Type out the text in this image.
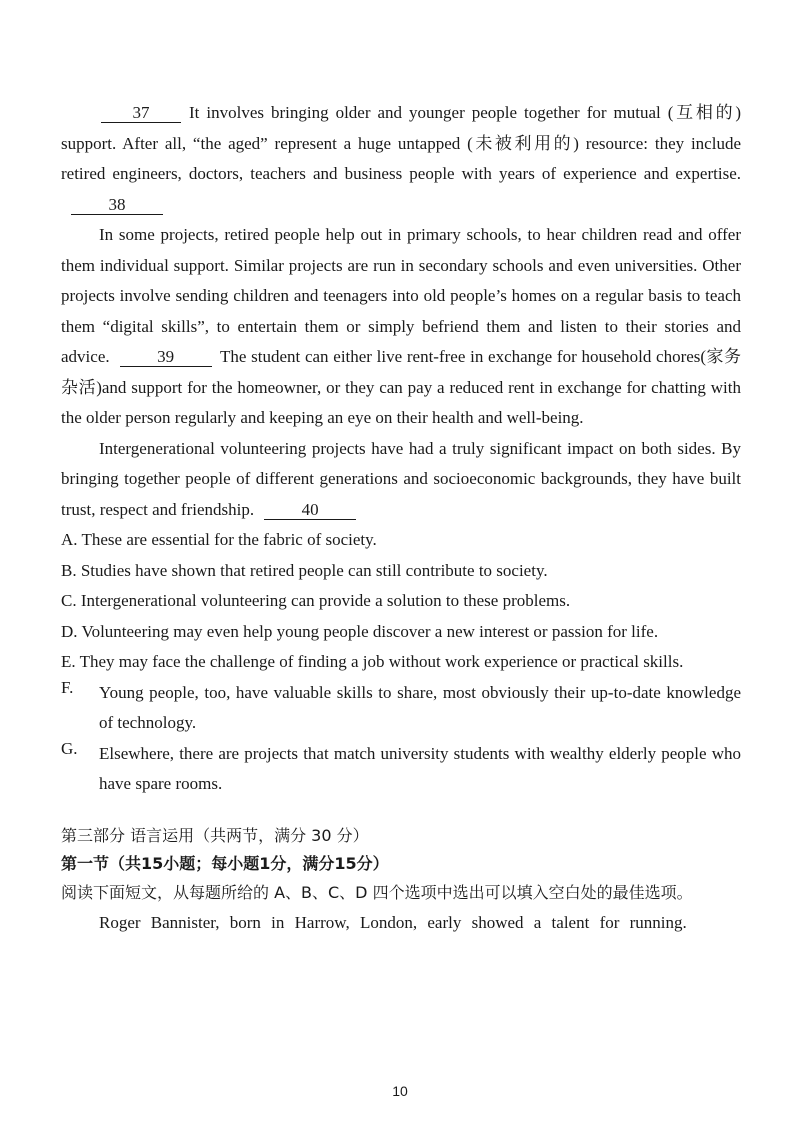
37 It involves bringing older and younger people together for mutual (互相的) support. After all, “the aged” represent a huge untapped (未被利用的) resource: they include retired engineers, doctors, teachers and business people with years of experience and expertise.38

In some projects, retired people help out in primary schools, to hear children read and offer them individual support. Similar projects are run in secondary schools and even universities. Other projects involve sending children and teenagers into old people’s homes on a regular basis to teach them “digital skills”, to entertain them or simply befriend them and listen to their stories and advice.	39	The student can either live rent-free in exchange for household chores(家务杂活)and support for the homeowner, or they can pay a reduced rent in exchange for chatting with the older person regularly and keeping an eye on their health and well-being.

Intergenerational volunteering projects have had a truly significant impact on both sides. By bringing together people of different generations and socioeconomic backgrounds, they have built trust, respect and friendship.	40

A. These are essential for the fabric of society.
B. Studies have shown that retired people can still contribute to society.
C. Intergenerational volunteering can provide a solution to these problems.
D. Volunteering may even help young people discover a new interest or passion for life.
E. They may face the challenge of finding a job without work experience or practical skills.
F.	Young people, too, have valuable skills to share, most obviously their up-to-date knowledge of technology.
G.	Elsewhere, there are projects that match university students with wealthy elderly people who have spare rooms.
第三部分 语言运用（共两节，满分 30 分）
第一节（共15小题；每小题1分，满分15分）
阅读下面短文，从每题所给的 A、B、C、D 四个选项中选出可以填入空白处的最佳选项。
Roger Bannister, born in Harrow, London, early showed a talent for running.
10
